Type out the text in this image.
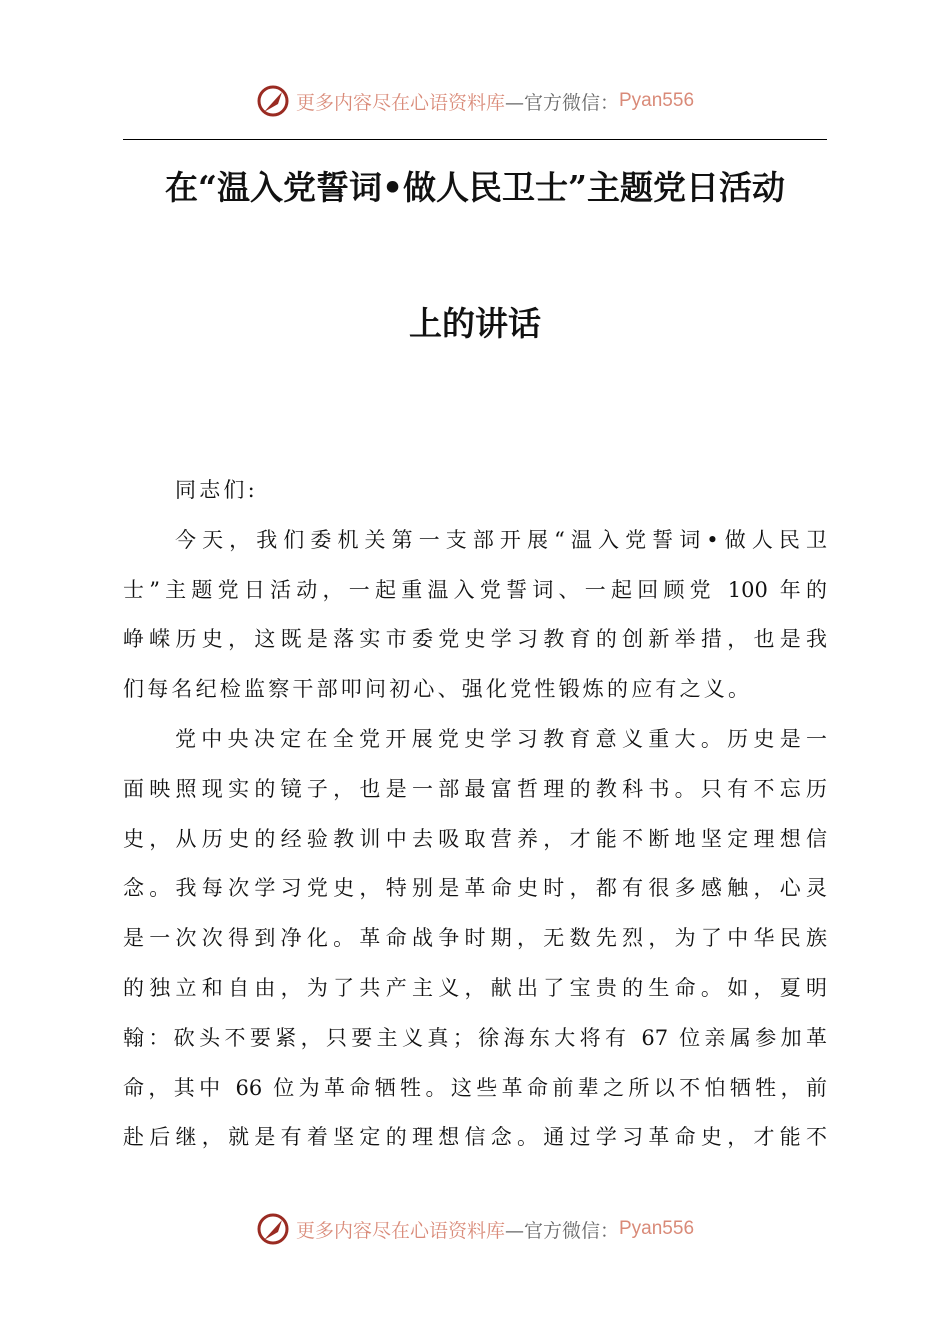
更多内容尽在心语资料库 —官方微信： Pyan556
在“温入党誓词•做人民卫士”主题党日活动
上的讲话
同志们:
今天，我们委机关第一支部开展“温入党誓词•做人民卫
士”主题党日活动，一起重温入党誓词、一起回顾党 100 年的
峥嵘历史，这既是落实市委党史学习教育的创新举措，也是我
们每名纪检监察干部叩问初心、强化党性锻炼的应有之义。
党中央决定在全党开展党史学习教育意义重大。历史是一
面映照现实的镜子，也是一部最富哲理的教科书。只有不忘历
史，从历史的经验教训中去吸取营养，才能不断地坚定理想信
念。我每次学习党史，特别是革命史时，都有很多感触，心灵
是一次次得到净化。革命战争时期，无数先烈，为了中华民族
的独立和自由，为了共产主义，献出了宝贵的生命。如，夏明
翰：砍头不要紧，只要主义真；徐海东大将有 67 位亲属参加革
命，其中 66 位为革命牺牲。这些革命前辈之所以不怕牺牲，前
赴后继，就是有着坚定的理想信念。通过学习革命史，才能不
更多内容尽在心语资料库 —官方微信： Pyan556
